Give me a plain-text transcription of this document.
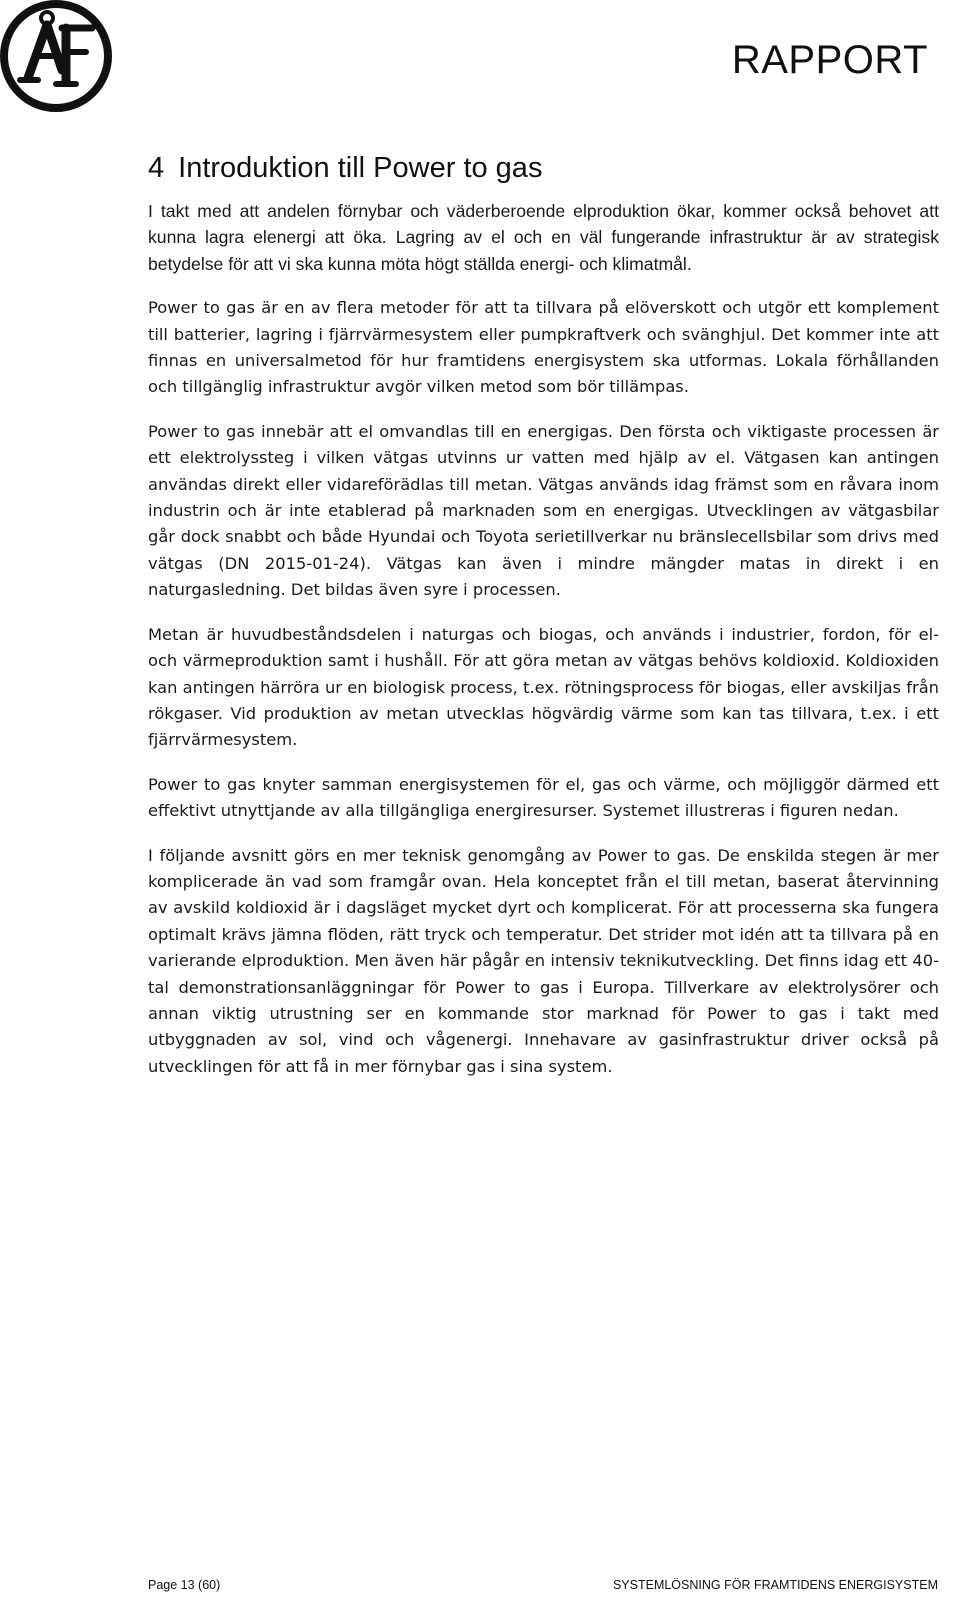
RAPPORT
4 Introduktion till Power to gas

I takt med att andelen förnybar och väderberoende elproduktion ökar, kommer också behovet att kunna lagra elenergi att öka. Lagring av el och en väl fungerande infrastruktur är av strategisk betydelse för att vi ska kunna möta högt ställda energi- och klimatmål.

Power to gas är en av flera metoder för att ta tillvara på elöverskott och utgör ett komplement till batterier, lagring i fjärrvärmesystem eller pumpkraftverk och svänghjul. Det kommer inte att finnas en universalmetod för hur framtidens energisystem ska utformas. Lokala förhållanden och tillgänglig infrastruktur avgör vilken metod som bör tillämpas.

Power to gas innebär att el omvandlas till en energigas. Den första och viktigaste processen är ett elektrolyssteg i vilken vätgas utvinns ur vatten med hjälp av el. Vätgasen kan antingen användas direkt eller vidareförädlas till metan. Vätgas används idag främst som en råvara inom industrin och är inte etablerad på marknaden som en energigas. Utvecklingen av vätgasbilar går dock snabbt och både Hyundai och Toyota serietillverkar nu bränslecellsbilar som drivs med vätgas (DN 2015-01-24). Vätgas kan även i mindre mängder matas in direkt i en naturgasledning. Det bildas även syre i processen.

Metan är huvudbeståndsdelen i naturgas och biogas, och används i industrier, fordon, för el- och värmeproduktion samt i hushåll. För att göra metan av vätgas behövs koldioxid. Koldioxiden kan antingen härröra ur en biologisk process, t.ex. rötningsprocess för biogas, eller avskiljas från rökgaser. Vid produktion av metan utvecklas högvärdig värme som kan tas tillvara, t.ex. i ett fjärrvärmesystem.

Power to gas knyter samman energisystemen för el, gas och värme, och möjliggör därmed ett effektivt utnyttjande av alla tillgängliga energiresurser. Systemet illustreras i figuren nedan.

I följande avsnitt görs en mer teknisk genomgång av Power to gas. De enskilda stegen är mer komplicerade än vad som framgår ovan. Hela konceptet från el till metan, baserat återvinning av avskild koldioxid är i dagsläget mycket dyrt och komplicerat. För att processerna ska fungera optimalt krävs jämna flöden, rätt tryck och temperatur. Det strider mot idén att ta tillvara på en varierande elproduktion. Men även här pågår en intensiv teknikutveckling. Det finns idag ett 40-tal demonstrationsanläggningar för Power to gas i Europa. Tillverkare av elektrolysörer och annan viktig utrustning ser en kommande stor marknad för Power to gas i takt med utbyggnaden av sol, vind och vågenergi. Innehavare av gasinfrastruktur driver också på utvecklingen för att få in mer förnybar gas i sina system.

Page 13 (60)	SYSTEMLÖSNING FÖR FRAMTIDENS ENERGISYSTEM
